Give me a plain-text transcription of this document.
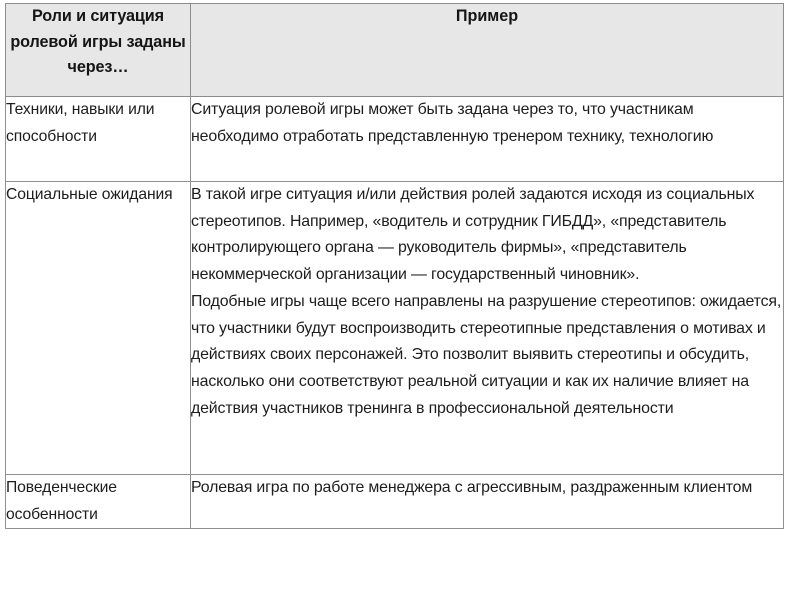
Роли и ситуация ролевой игры заданы через…	Пример
Техники, навыки или способности	Ситуация ролевой игры может быть задана через то, что участникам необходимо отработать представленную тренером технику, технологию

Социальные ожидания	В такой игре ситуация и/или действия ролей задаются исходя из социальных стереотипов. Например, «водитель и сотрудник ГИБДД», «представитель контролирующего органа — руководитель фирмы», «представитель некоммерческой организации — государственный чиновник».

Подобные игры чаще всего направлены на разрушение стереотипов: ожидается, что участники будут воспроизводить стереотипные представления о мотивах и действиях своих персонажей. Это позволит выявить стереотипы и обсудить, насколько они соответствуют реальной ситуации и как их наличие влияет на действия участников тренинга в профессиональной деятельности

Поведенческие особенности	Ролевая игра по работе менеджера с агрессивным, раздраженным клиентом
